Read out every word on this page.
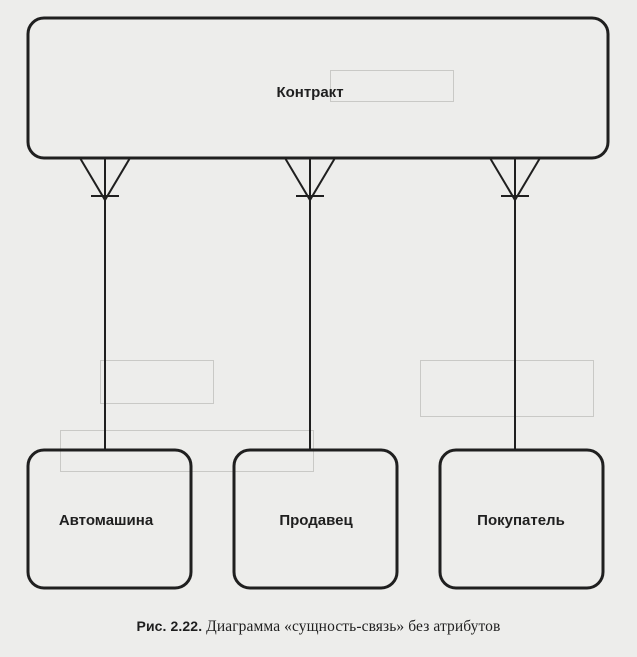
Контракт
Автомашина	Продавец	Покупатель
Рис. 2.22. Диаграмма «сущность-связь» без атрибутов
